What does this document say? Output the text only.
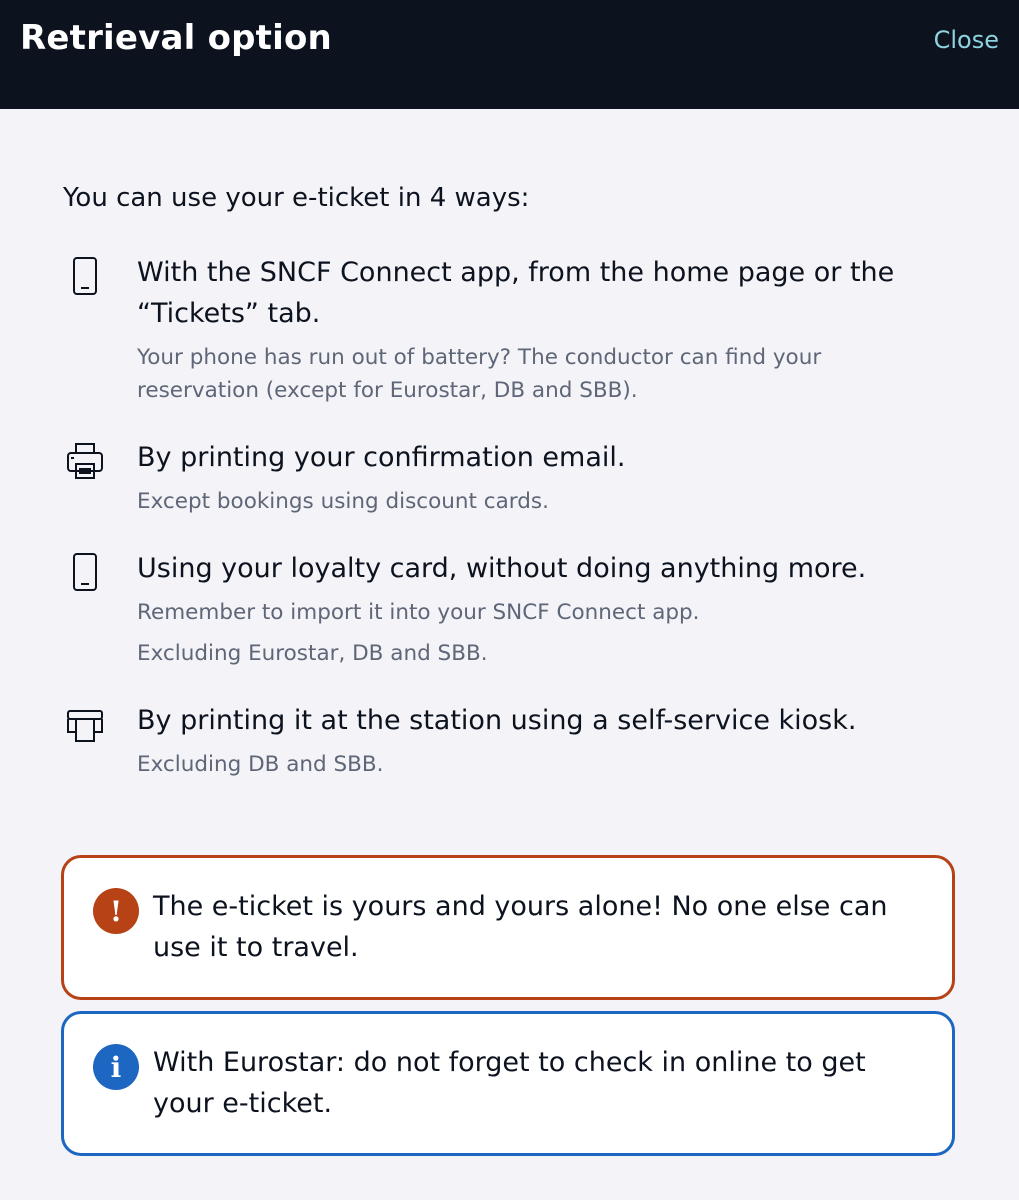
Retrieval option	Close
You can use your e-ticket in 4 ways:
With the SNCF Connect app, from the home page or the “Tickets” tab.
Your phone has run out of battery? The conductor can find your reservation (except for Eurostar, DB and SBB).
By printing your confirmation email.
Except bookings using discount cards.
Using your loyalty card, without doing anything more.
Remember to import it into your SNCF Connect app.
Excluding Eurostar, DB and SBB.
By printing it at the station using a self-service kiosk.
Excluding DB and SBB.
!	The e-ticket is yours and yours alone! No one else can use it to travel.
i	With Eurostar: do not forget to check in online to get your e-ticket.
